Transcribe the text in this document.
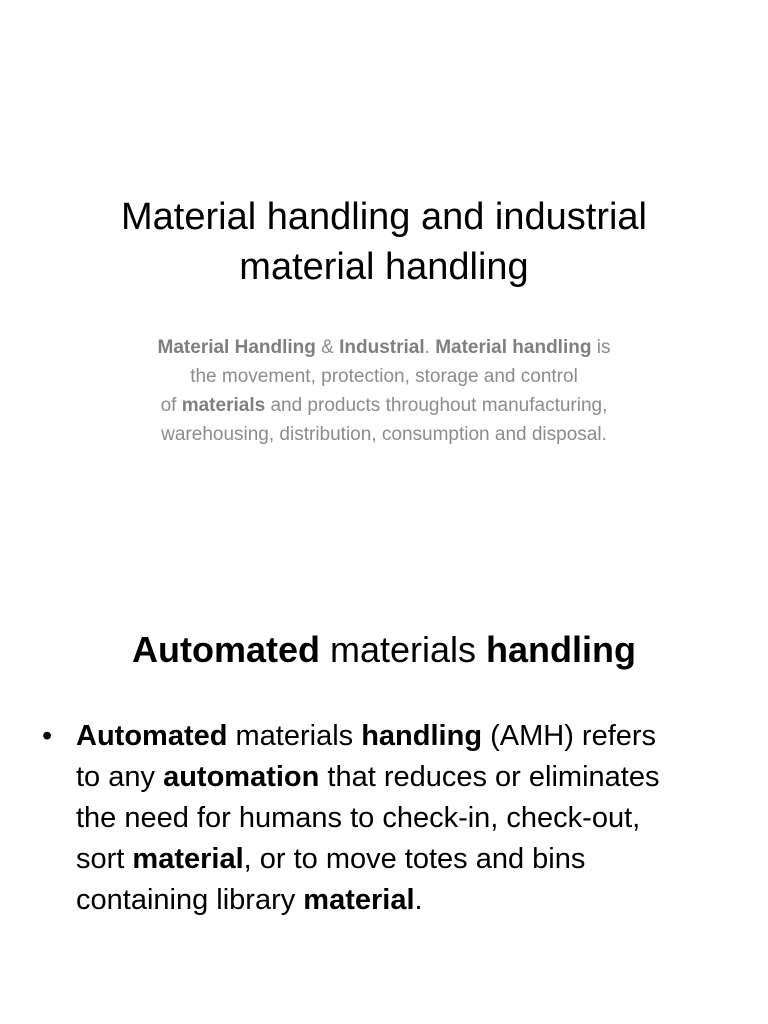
Material handling and industrial
material handling
Material Handling & Industrial. Material handling is
the movement, protection, storage and control
of materials and products throughout manufacturing,
warehousing, distribution, consumption and disposal.
Automated materials handling
• Automated materials handling (AMH) refers
to any automation that reduces or eliminates
the need for humans to check-in, check-out,
sort material, or to move totes and bins
containing library material.
